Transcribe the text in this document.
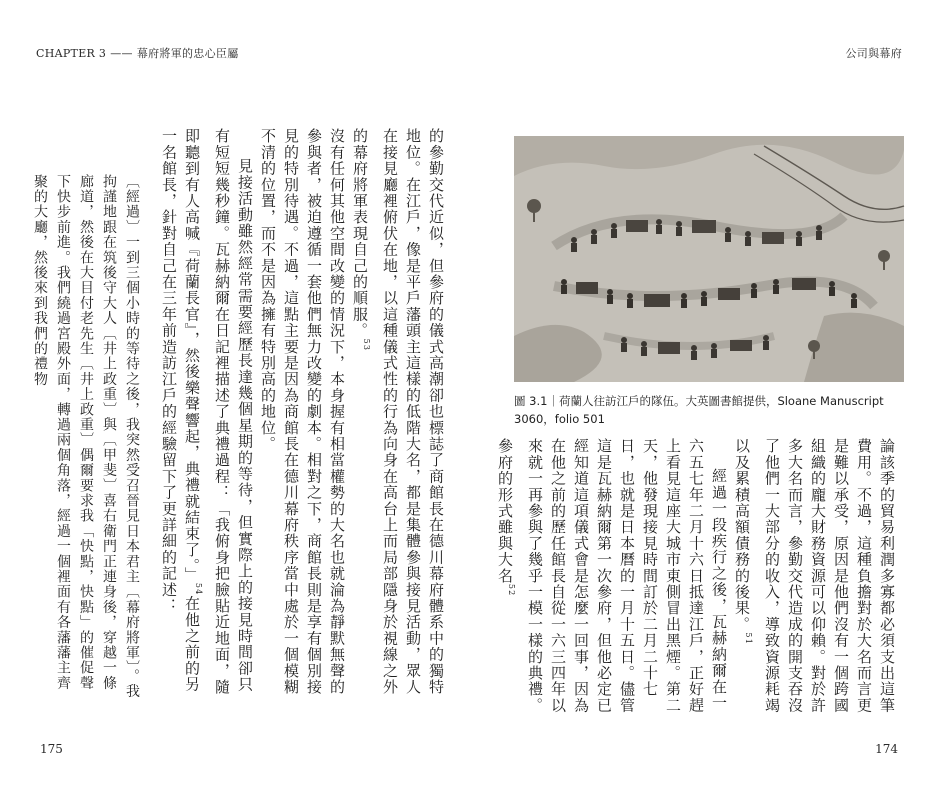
CHAPTER 3 —— 幕府將軍的忠心臣屬

的參勤交代近似，但參府的儀式高潮卻也標誌了商館長在德川幕府體系中的獨特地位。在江戶，像是平戶藩頭主這樣的低階大名，都是集體參與接見活動，眾人在接見廳裡俯伏在地，以這種儀式性的行為向身在高台上而局部隱身於視線之外的幕府將軍表現自己的順服。$^{53}$

沒有任何其他空間改變的情況下，本身握有相當權勢的大名也就淪為靜默無聲的參與者，被迫遵循一套他們無力改變的劇本。相對之下，商館長則是享有個別接見的特別待遇。不過，這點主要是因為商館長在德川幕府秩序當中處於一個模糊不清的位置，而不是因為擁有特別高的地位。

見接活動雖然經常需要經歷長達幾個星期的等待，但實際上的接見時間卻只有短短幾秒鐘。瓦赫納爾在日記裡描述了典禮過程：「我俯身把臉貼近地面，隨即聽到有人高喊『荷蘭長官』，然後樂聲響起，典禮就結束了。」$^{54}$在他之前的另一名館長，針對自己在三年前造訪江戶的經驗留下了更詳細的記述：

〔經過〕一到三個小時的等待之後，我突然受召晉見日本君主〔幕府將軍〕。我拘謹地跟在筑後守大人〔井上政重〕與〔甲斐〕喜右衛門正連身後，穿越一條廊道，然後在大目付老先生〔井上政重〕偶爾要求我「快點，快點」的催促聲下快步前進。我們繞過宮殿外面，轉過兩個角落，經過一個裡面有各藩藩主齊聚的大廳，然後來到我們的禮物

175
公司與幕府
174
圖 3.1｜荷蘭人往訪江戶的隊伍。大英圖書館提供，Sloane Manuscript 3060，folio 501

論該季的貿易利潤多寡都必須支出這筆費用。不過，這種負擔對於大名而言更是難以承受，原因是他們沒有一個跨國組織的龐大財務資源可以仰賴。對於許多大名而言，參勤交代造成的開支吞沒了他們一大部分的收入，導致資源耗竭以及累積高額債務的後果。$^{51}$

經過一段疾行之後，瓦赫納爾在一六五七年二月十六日抵達江戶，正好趕上看見這座大城市東側冒出黑煙。第二天，他發現接見時間訂於二月二十七日，也就是日本曆的一月十五日。儘管這是瓦赫納爾第一次參府，但他必定已經知道這項儀式會是怎麼一回事，因為在他之前的歷任館長自從一六三四年以來就一再參與了幾乎一模一樣的典禮。參府的形式雖與大名$^{52}$
